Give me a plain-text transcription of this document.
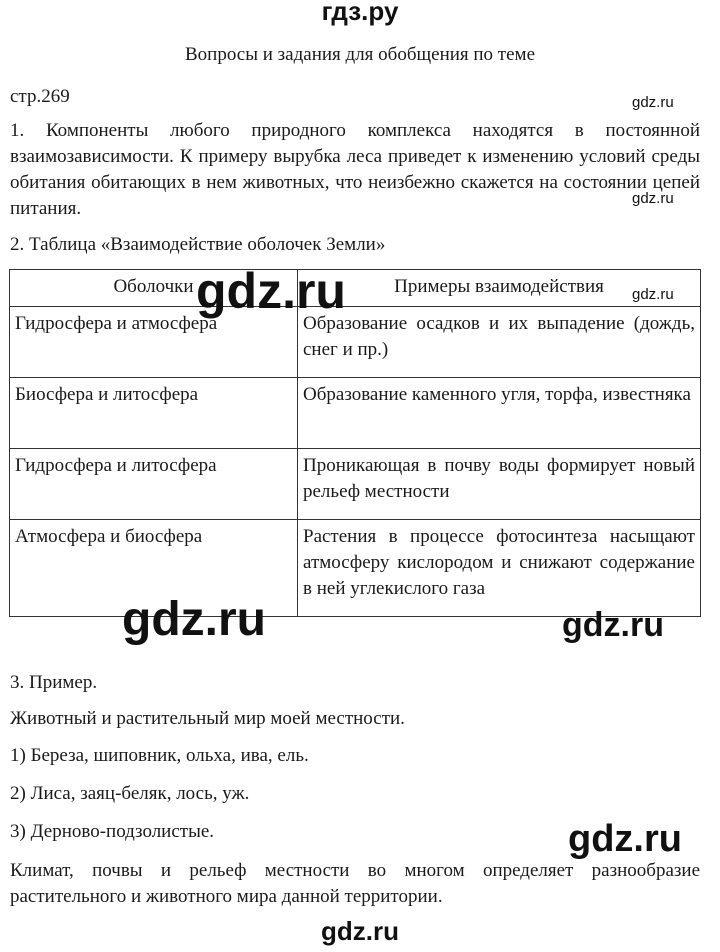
гдз.ру
Вопросы и задания для обобщения по теме
стр.269	gdz.ru
1. Компоненты любого природного комплекса находятся в постоянной взаимозависимости. К примеру вырубка леса приведет к изменению условий среды обитания обитающих в нем животных, что неизбежно скажется на состоянии цепей питания.	gdz.ru
2. Таблица «Взаимодействие оболочек Земли»
Оболочки	Примеры взаимодействия
Гидросфера и атмосфера	Образование осадков и их выпадение (дождь, снег и пр.)
Биосфера и литосфера	Образование каменного угля, торфа, известняка
Гидросфера и литосфера	Проникающая в почву воды формирует новый рельеф местности
Атмосфера и биосфера	Растения в процессе фотосинтеза насыщают атмосферу кислородом и снижают содержание в ней углекислого газа
gdz.ru	gdz.ru
gdz.ru	gdz.ru
3. Пример.
Животный и растительный мир моей местности.
1) Береза, шиповник, ольха, ива, ель.
2) Лиса, заяц-беляк, лось, уж.
3) Дерново-подзолистые.	gdz.ru
Климат, почвы и рельеф местности во многом определяет разнообразие растительного и животного мира данной территории.
gdz.ru
